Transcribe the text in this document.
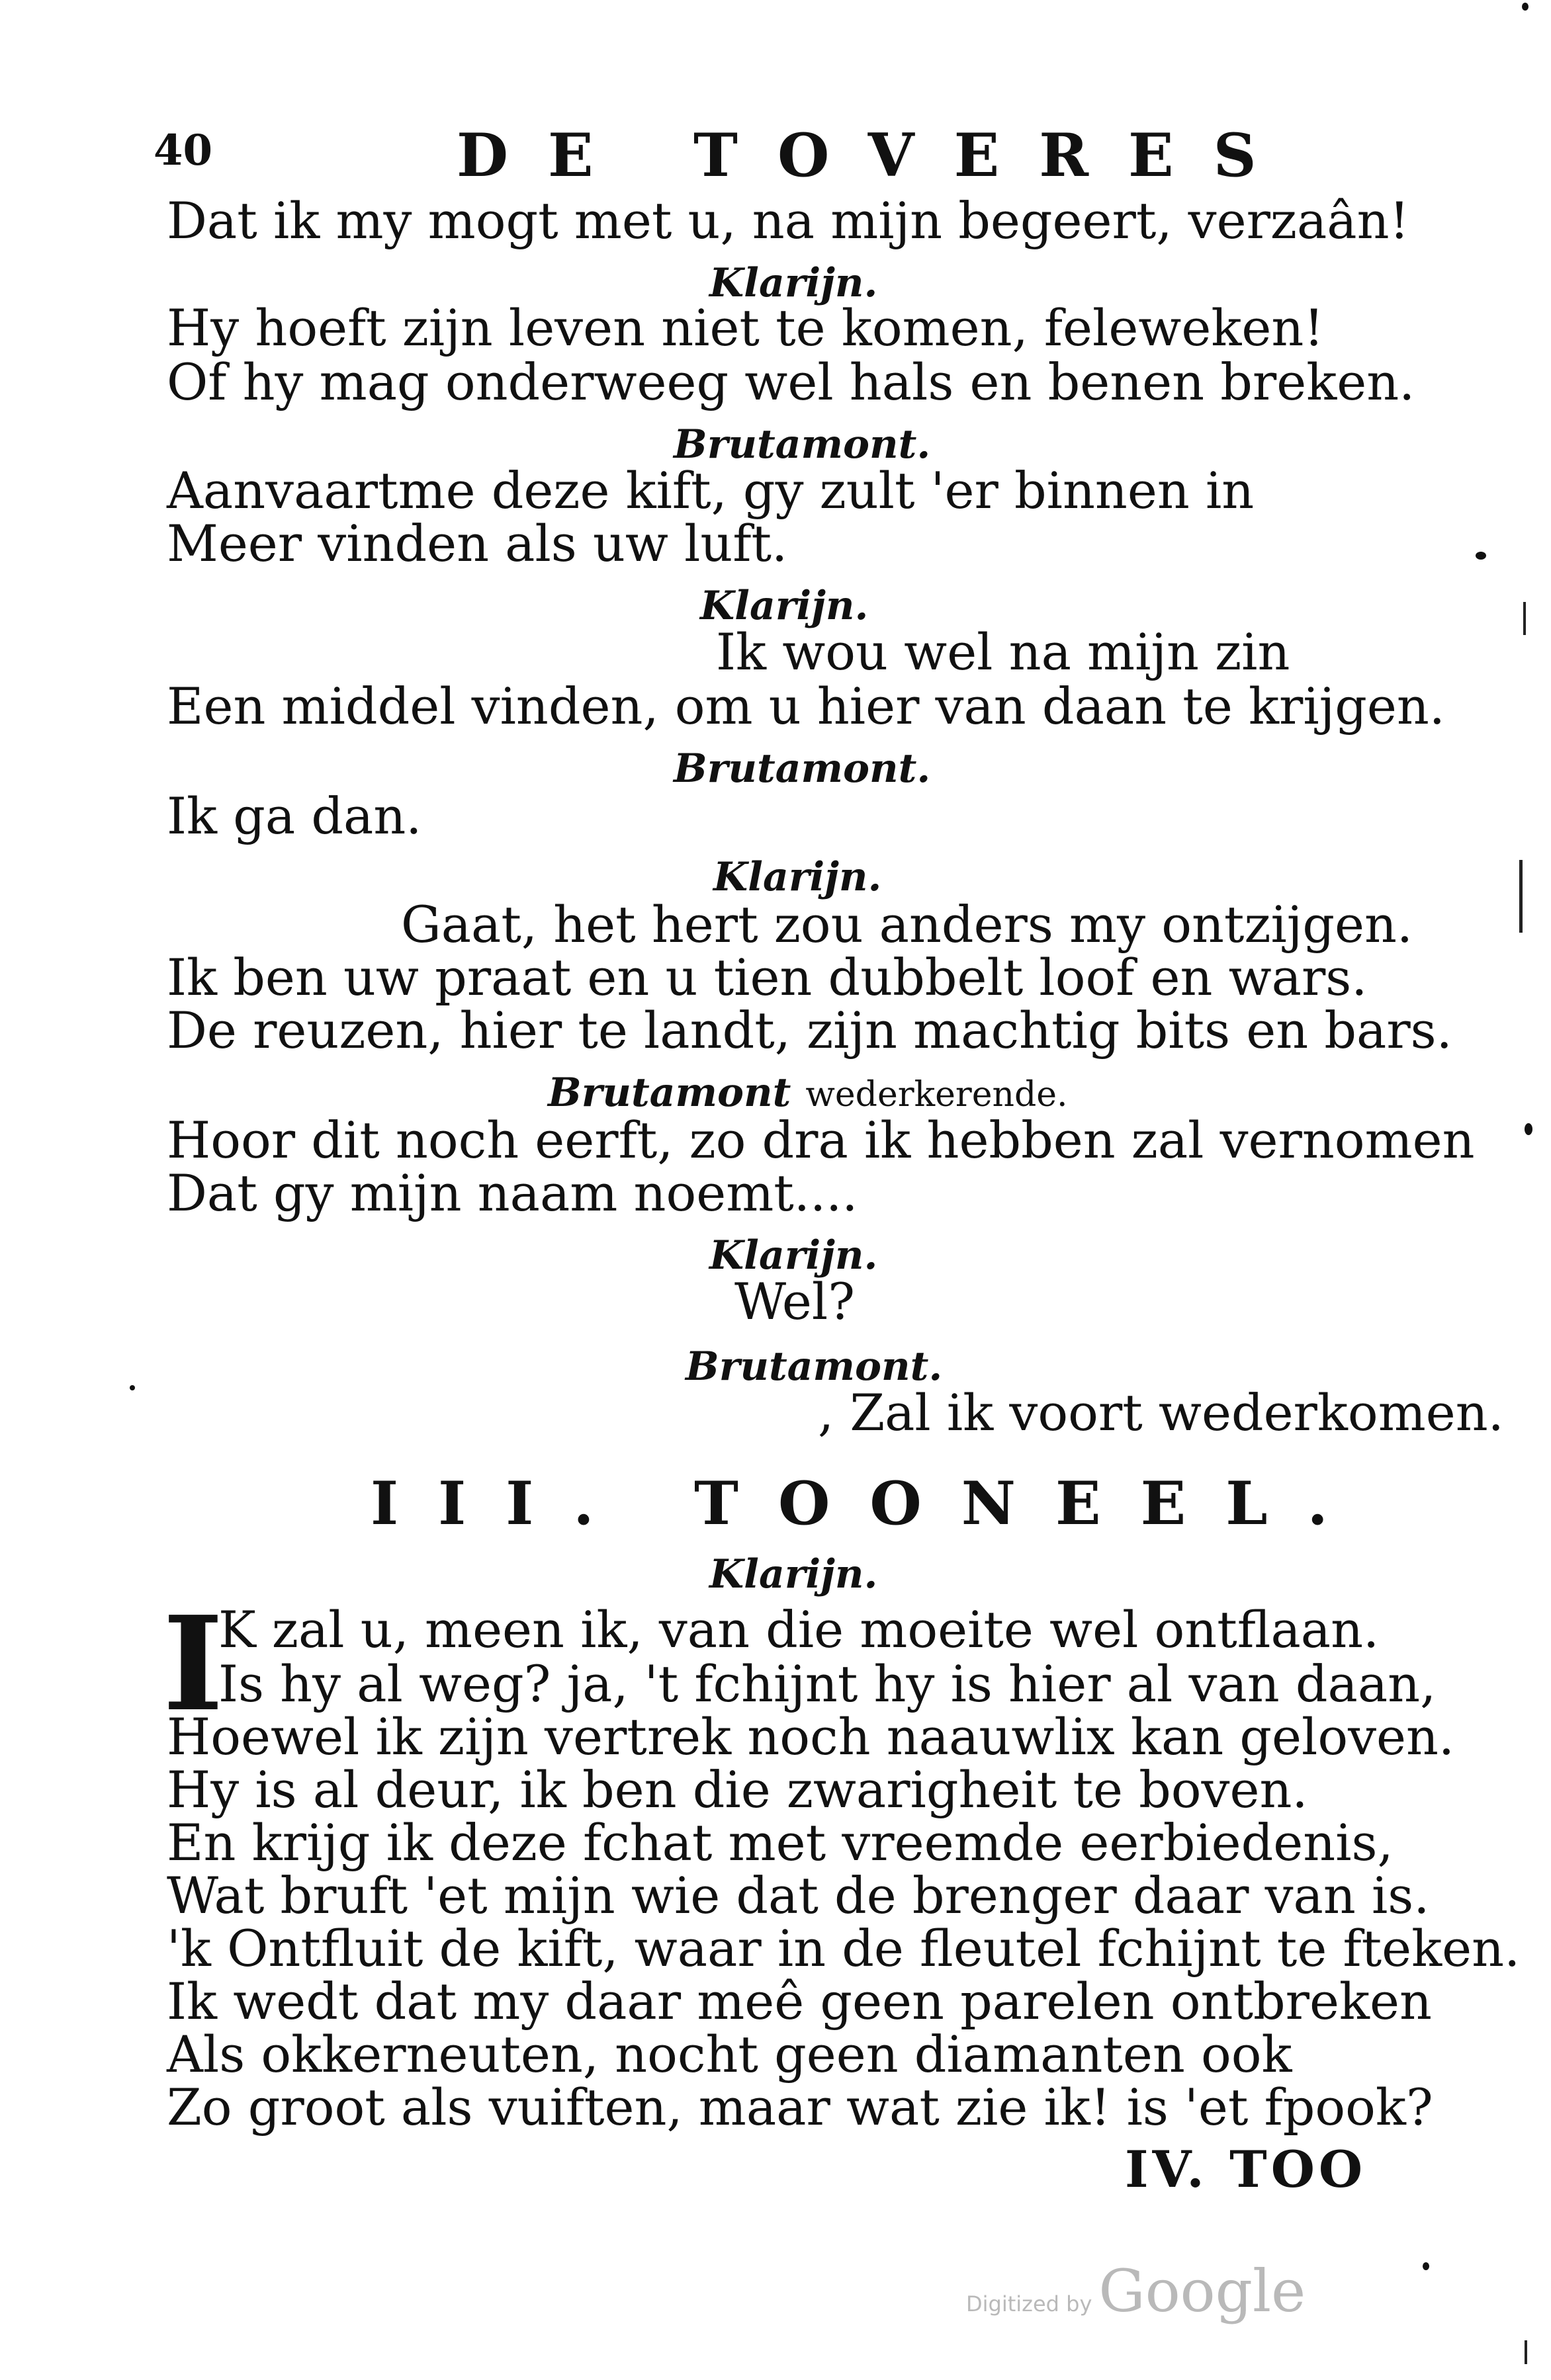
40	DE TOVERES
Dat ik my mogt met u, na mijn begeert, verzaân!
Klarijn.
Hy hoeft zijn leven niet te komen, feleweken!
Of hy mag onderweeg wel hals en benen breken.
Brutamont.
Aanvaartme deze kift, gy zult 'er binnen in
Meer vinden als uw luft.
Klarijn.
Ik wou wel na mijn zin
Een middel vinden, om u hier van daan te krijgen.
Brutamont.
Ik ga dan.
Klarijn.
Gaat, het hert zou anders my ontzijgen.
Ik ben uw praat en u tien dubbelt loof en wars.
De reuzen, hier te landt, zijn machtig bits en bars.
Brutamont wederkerende.
Hoor dit noch eerft, zo dra ik hebben zal vernomen
Dat gy mijn naam noemt....
Klarijn.
Wel?
Brutamont.
, Zal ik voort wederkomen.
III. TOONEEL.
Klarijn.
I
K zal u, meen ik, van die moeite wel ontflaan.
Is hy al weg? ja, 't fchijnt hy is hier al van daan,
Hoewel ik zijn vertrek noch naauwlix kan geloven.
Hy is al deur, ik ben die zwarigheit te boven.
En krijg ik deze fchat met vreemde eerbiedenis,
Wat bruft 'et mijn wie dat de brenger daar van is.
'k Ontfluit de kift, waar in de fleutel fchijnt te fteken.
Ik wedt dat my daar meê geen parelen ontbreken
Als okkerneuten, nocht geen diamanten ook
Zo groot als vuiften, maar wat zie ik! is 'et fpook?
IV. TOO
Digitized by Google
